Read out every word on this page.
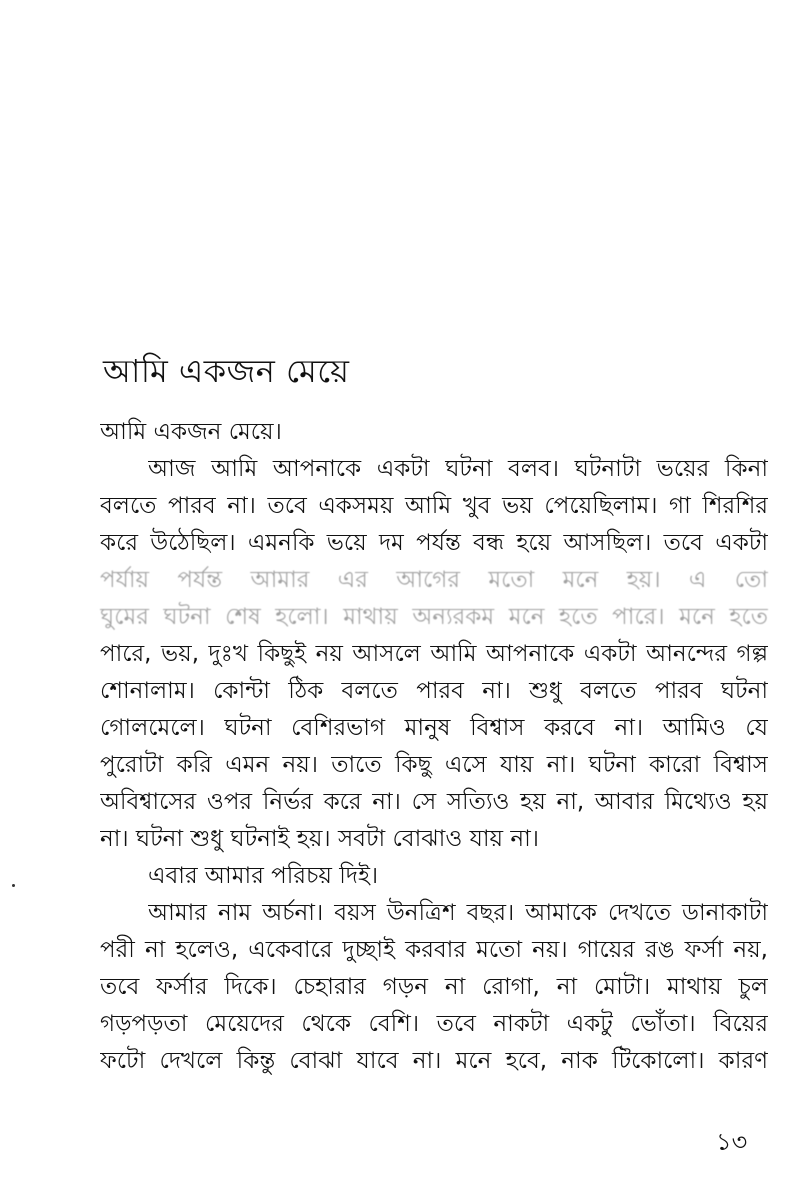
আমি একজন মেয়ে
আমি একজন মেয়ে।
আজ আমি আপনাকে একটা ঘটনা বলব। ঘটনাটা ভয়ের কিনা
বলতে পারব না। তবে একসময় আমি খুব ভয় পেয়েছিলাম। গা শিরশির
করে উঠেছিল। এমনকি ভয়ে দম পর্যন্ত বন্ধ হয়ে আসছিল। তবে একটা
পর্যায় পর্যন্ত আমার এর আগের মতো মনে হয়। এ তো
ঘুমের ঘটনা শেষ হলো। মাথায় অন্যরকম মনে হতে পারে। মনে হতে
পারে, ভয়, দুঃখ কিছুই নয় আসলে আমি আপনাকে একটা আনন্দের গল্প
শোনালাম। কোন্টা ঠিক বলতে পারব না। শুধু বলতে পারব ঘটনা
গোলমেলে। ঘটনা বেশিরভাগ মানুষ বিশ্বাস করবে না। আমিও যে
পুরোটা করি এমন নয়। তাতে কিছু এসে যায় না। ঘটনা কারো বিশ্বাস
অবিশ্বাসের ওপর নির্ভর করে না। সে সত্যিও হয় না, আবার মিথ্যেও হয়
না। ঘটনা শুধু ঘটনাই হয়। সবটা বোঝাও যায় না।
এবার আমার পরিচয় দিই।
আমার নাম অর্চনা। বয়স উনত্রিশ বছর। আমাকে দেখতে ডানাকাটা
পরী না হলেও, একেবারে দুচ্ছাই করবার মতো নয়। গায়ের রঙ ফর্সা নয়,
তবে ফর্সার দিকে। চেহারার গড়ন না রোগা, না মোটা। মাথায় চুল
গড়পড়তা মেয়েদের থেকে বেশি। তবে নাকটা একটু ভোঁতা। বিয়ের
ফটো দেখলে কিন্তু বোঝা যাবে না। মনে হবে, নাক টিকোলো। কারণ
১৩
